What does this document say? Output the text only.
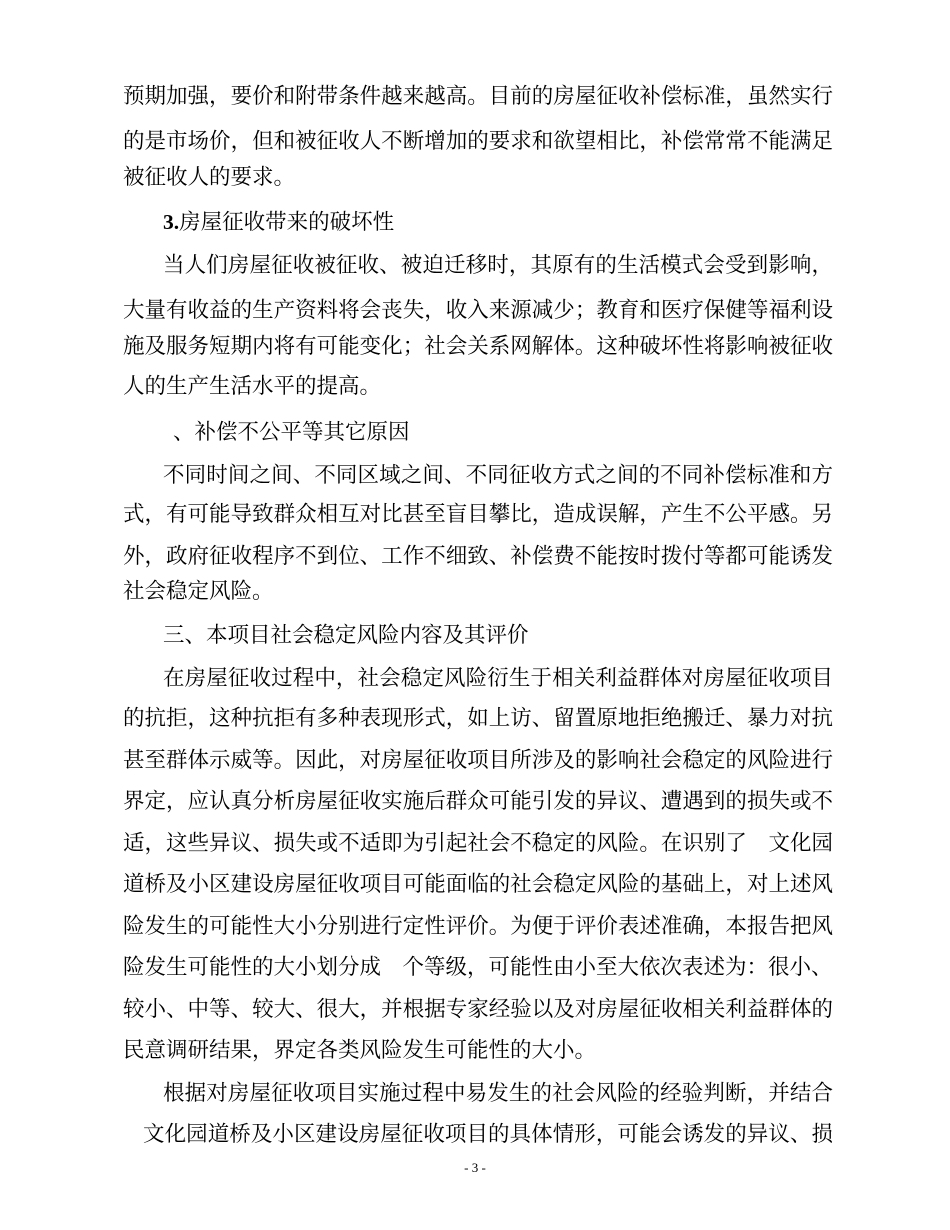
预期加强，要价和附带条件越来越高。目前的房屋征收补偿标准，虽然实行
的是市场价，但和被征收人不断增加的要求和欲望相比，补偿常常不能满足
被征收人的要求。
3.房屋征收带来的破坏性
当人们房屋征收被征收、被迫迁移时，其原有的生活模式会受到影响，
大量有收益的生产资料将会丧失，收入来源减少；教育和医疗保健等福利设
施及服务短期内将有可能变化；社会关系网解体。这种破坏性将影响被征收
人的生产生活水平的提高。
、补偿不公平等其它原因
不同时间之间、不同区域之间、不同征收方式之间的不同补偿标准和方
式，有可能导致群众相互对比甚至盲目攀比，造成误解，产生不公平感。另
外，政府征收程序不到位、工作不细致、补偿费不能按时拨付等都可能诱发
社会稳定风险。
三、本项目社会稳定风险内容及其评价
在房屋征收过程中，社会稳定风险衍生于相关利益群体对房屋征收项目
的抗拒，这种抗拒有多种表现形式，如上访、留置原地拒绝搬迁、暴力对抗
甚至群体示威等。因此，对房屋征收项目所涉及的影响社会稳定的风险进行
界定，应认真分析房屋征收实施后群众可能引发的异议、遭遇到的损失或不
适，这些异议、损失或不适即为引起社会不稳定的风险。在识别了　文化园
道桥及小区建设房屋征收项目可能面临的社会稳定风险的基础上，对上述风
险发生的可能性大小分别进行定性评价。为便于评价表述准确，本报告把风
险发生可能性的大小划分成　个等级，可能性由小至大依次表述为：很小、
较小、中等、较大、很大，并根据专家经验以及对房屋征收相关利益群体的
民意调研结果，界定各类风险发生可能性的大小。
根据对房屋征收项目实施过程中易发生的社会风险的经验判断，并结合
文化园道桥及小区建设房屋征收项目的具体情形，可能会诱发的异议、损
- 3 -
